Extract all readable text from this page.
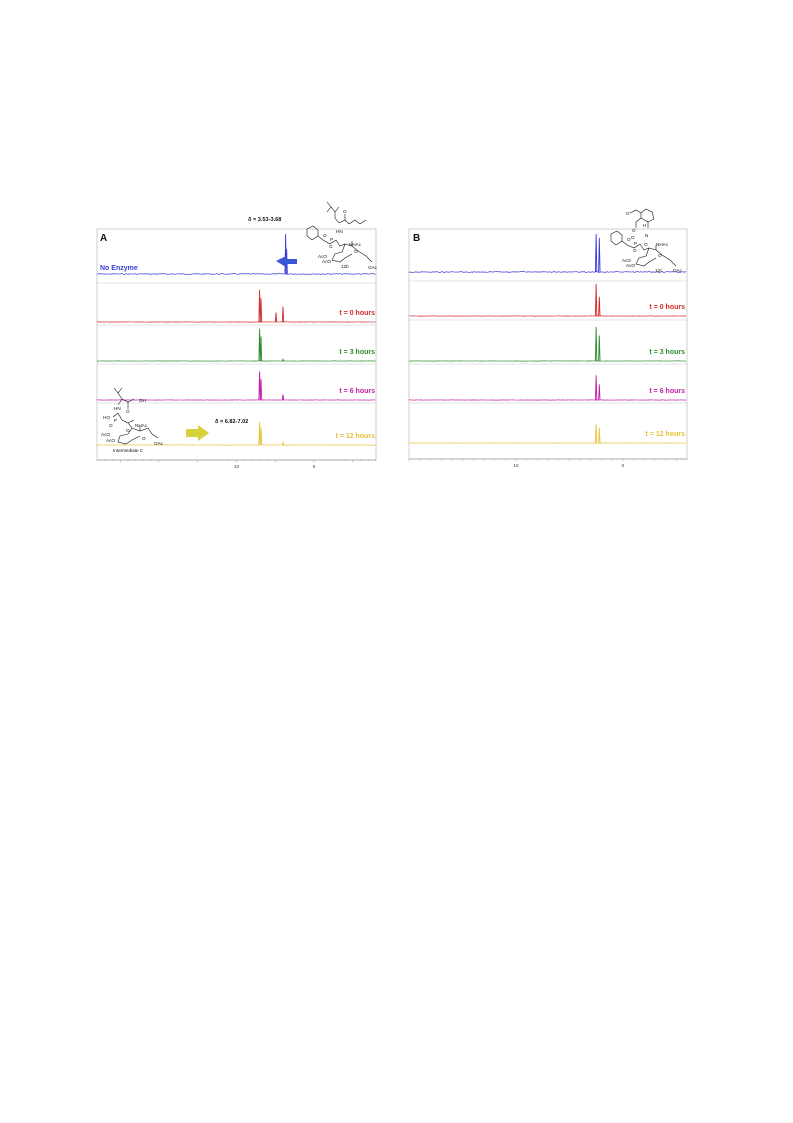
A
No Enzyme
t = 0 hours
t = 3 hours
t = 6 hours
t = 12 hours
10	0
δ = 3.53-3.68
δ = 6.82-7.02
HN
O
P
O
O	NHAc
AcO
AcO
OAc
O
12b
OH
O
HN
HO
P
O
O
NHAc
AcO
AcO
OAc
O
Intermediate C
B
t = 0 hours
t = 3 hours
t = 6 hours
t = 12 hours
10	0
O
H
O
N
O
O
P
O
O NHAc
AcO
AcO
OAc
O
12c
